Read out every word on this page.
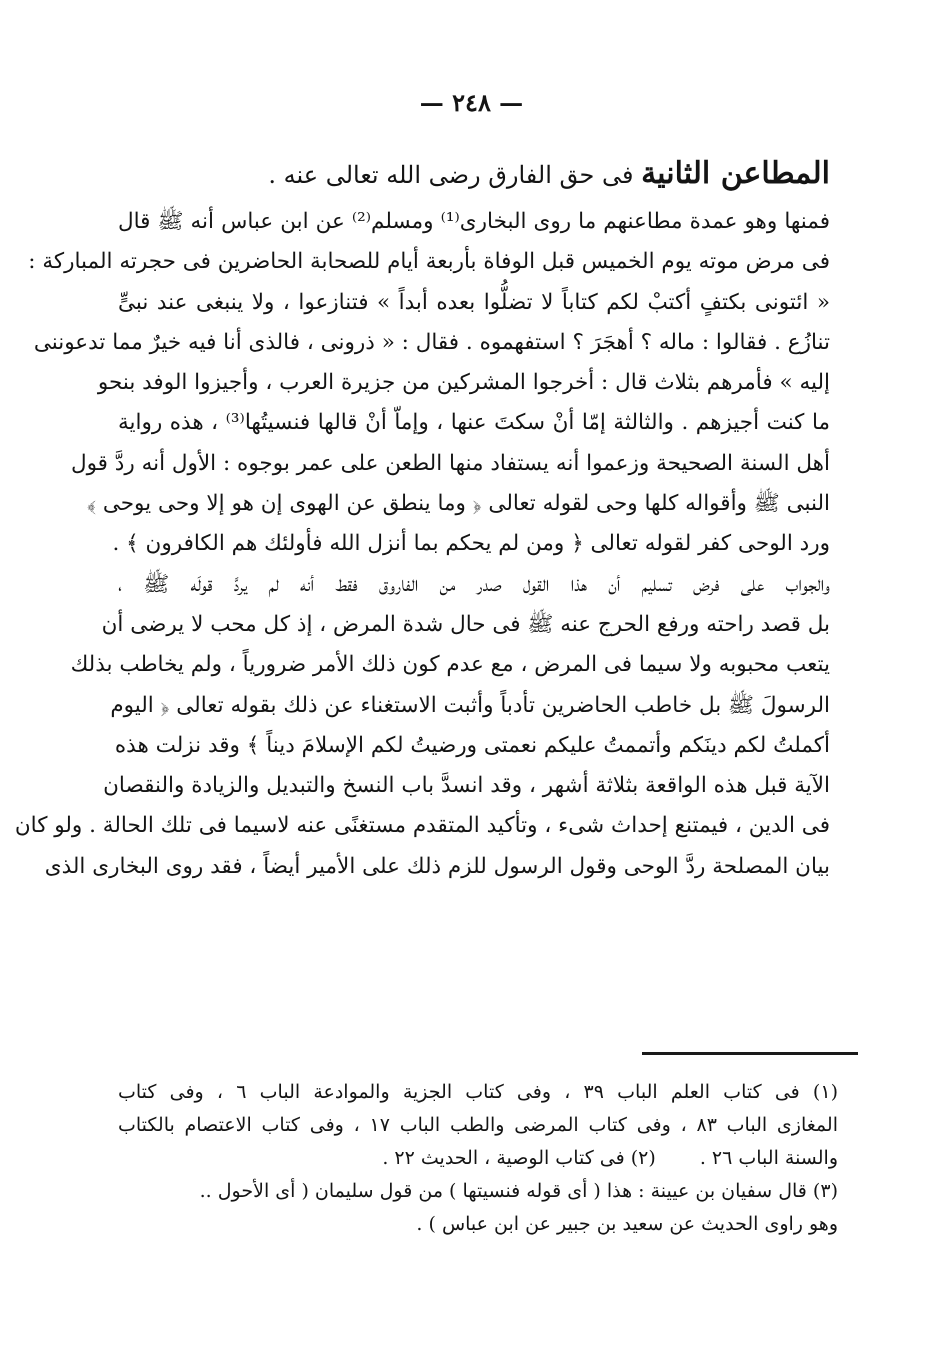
— ٢٤٨ —
المطاعن الثانية فى حق الفارق رضى الله تعالى عنه .
فمنها وهو عمدة مطاعنهم ما روى البخارى⁽¹⁾ ومسلم⁽²⁾ عن ابن عباس أنه ﷺ قال
فى مرض موته يوم الخميس قبل الوفاة بأربعة أيام للصحابة الحاضرين فى حجرته المباركة :
« ائتونى بكتفٍ أكتبْ لكم كتاباً لا تضلُّوا بعده أبداً » فتنازعوا ، ولا ينبغى عند نبىٍّ
تنازُع . فقالوا : ماله ؟ أهجَرَ ؟ استفهموه . فقال : « ذرونى ، فالذى أنا فيه خيرٌ مما تدعوننى
إليه » فأمرهم بثلاث قال : أخرجوا المشركين من جزيرة العرب ، وأجيزوا الوفد بنحو
ما كنت أجيزهم . والثالثة إمّا أنْ سكتَ عنها ، وإماّ أنْ قالها فنسيتُها⁽³⁾ ، هذه رواية
أهل السنة الصحيحة وزعموا أنه يستفاد منها الطعن على عمر بوجوه : الأول أنه ردَّ قول
النبى ﷺ وأقواله كلها وحى لقوله تعالى ﴿ وما ينطق عن الهوى إن هو إلا وحى يوحى ﴾
ورد الوحى كفر لقوله تعالى ﴿ ومن لم يحكم بما أنزل الله فأولئك هم الكافرون ﴾ .
والجواب على فرض تسليم أن هذا القول صدر من الفاروق فقط أنه لم يردَّ قولَه ﷺ ،
بل قصد راحته ورفع الحرج عنه ﷺ فى حال شدة المرض ، إذ كل محب لا يرضى أن
يتعب محبوبه ولا سيما فى المرض ، مع عدم كون ذلك الأمر ضرورياً ، ولم يخاطب بذلك
الرسولَ ﷺ بل خاطب الحاضرين تأدباً وأثبت الاستغناء عن ذلك بقوله تعالى ﴿ اليوم
أكملتُ لكم دينَكم وأتممتُ عليكم نعمتى ورضيتُ لكم الإسلامَ ديناً ﴾ وقد نزلت هذه
الآية قبل هذه الواقعة بثلاثة أشهر ، وقد انسدَّ باب النسخ والتبديل والزيادة والنقصان
فى الدين ، فيمتنع إحداث شىء ، وتأكيد المتقدم مستغنًى عنه لاسيما فى تلك الحالة . ولو كان
بيان المصلحة ردَّ الوحى وقول الرسول للزم ذلك على الأمير أيضاً ، فقد روى البخارى الذى
(١) فى كتاب العلم الباب ٣٩ ، وفى كتاب الجزية والموادعة الباب ٦ ، وفى كتاب
المغازى الباب ٨٣ ، وفى كتاب المرضى والطب الباب ١٧ ، وفى كتاب الاعتصام بالكتاب
والسنة الباب ٢٦ .(٢) فى كتاب الوصية ، الحديث ٢٢ .
(٣) قال سفيان بن عيينة : هذا ( أى قوله فنسيتها ) من قول سليمان ( أى الأحول ..
وهو راوى الحديث عن سعيد بن جبير عن ابن عباس ) .
